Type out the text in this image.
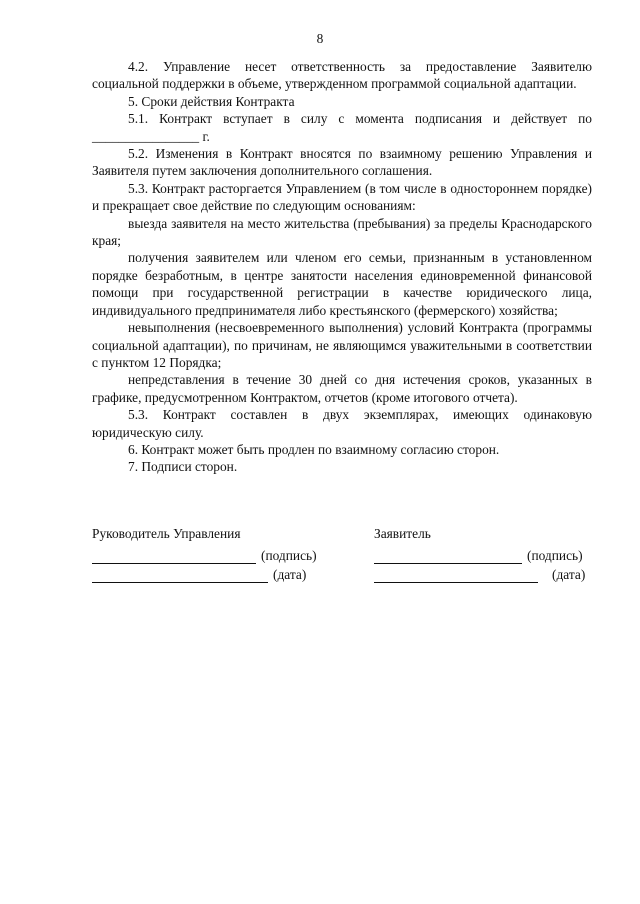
8

4.2. Управление несет ответственность за предоставление Заявителю социальной поддержки в объеме, утвержденном программой социальной адаптации.

5. Сроки действия Контракта

5.1. Контракт вступает в силу с момента подписания и действует по ________________ г.

5.2. Изменения в Контракт вносятся по взаимному решению Управления и Заявителя путем заключения дополнительного соглашения.

5.3. Контракт расторгается Управлением (в том числе в одностороннем порядке) и прекращает свое действие по следующим основаниям:

выезда заявителя на место жительства (пребывания) за пределы Краснодарского края;

получения заявителем или членом его семьи, признанным в установленном порядке безработным, в центре занятости населения единовременной финансовой помощи при государственной регистрации в качестве юридического лица, индивидуального предпринимателя либо крестьянского (фермерского) хозяйства;

невыполнения (несвоевременного выполнения) условий Контракта (программы социальной адаптации), по причинам, не являющимся уважительными в соответствии с пунктом 12 Порядка;

непредставления в течение 30 дней со дня истечения сроков, указанных в графике, предусмотренном Контрактом, отчетов (кроме итогового отчета).

5.3. Контракт составлен в двух экземплярах, имеющих одинаковую юридическую силу.

6. Контракт может быть продлен по взаимному согласию сторон.

7. Подписи сторон.

Руководитель Управления
(подпись)
(дата)
Заявитель
(подпись)
(дата)
